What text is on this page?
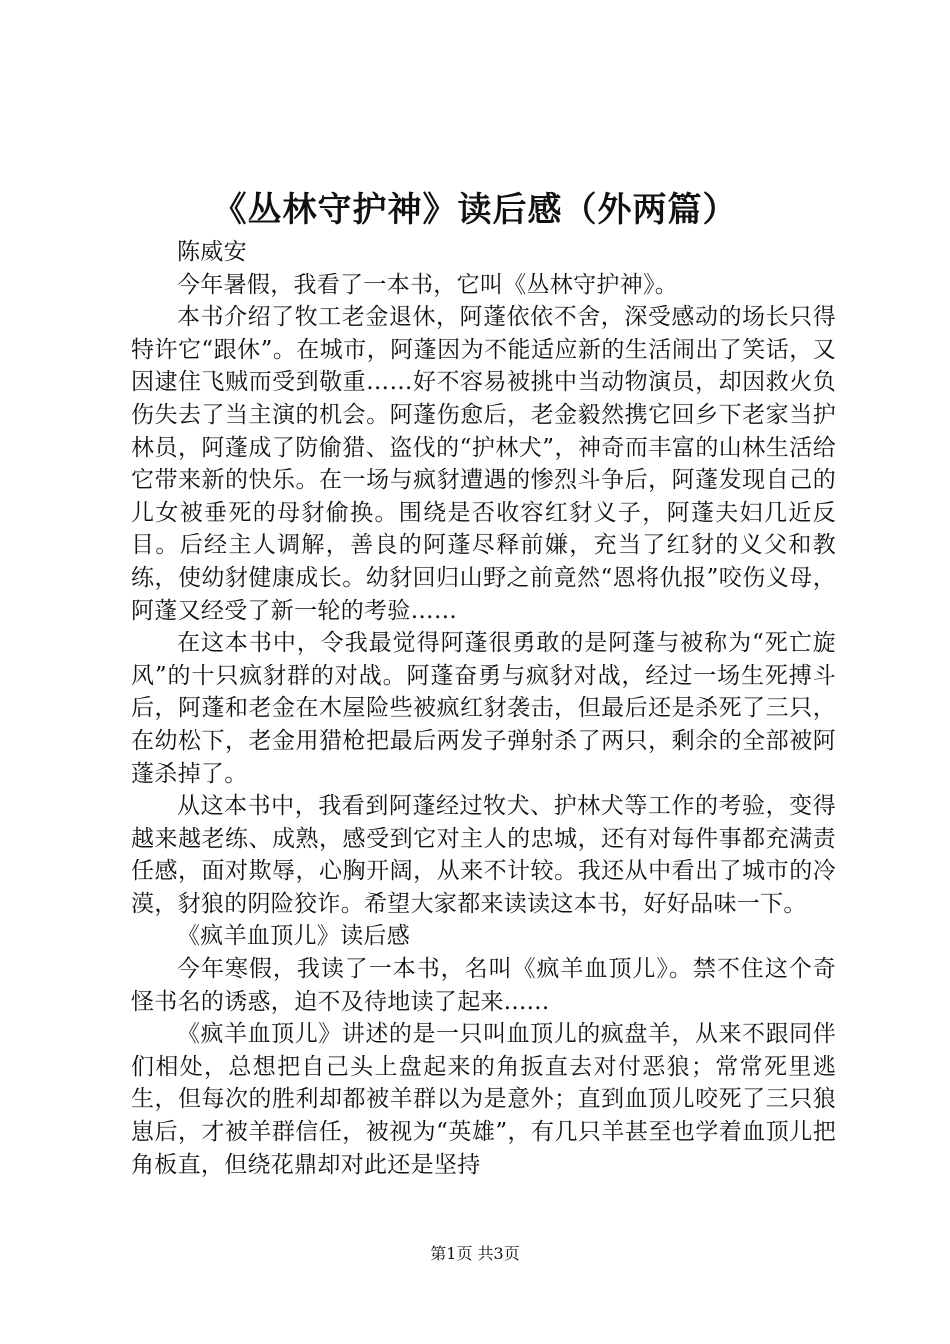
《丛林守护神》读后感（外两篇）

陈威安

今年暑假，我看了一本书，它叫《丛林守护神》。

本书介绍了牧工老金退休，阿蓬依依不舍，深受感动的场长只得特许它“跟休”。在城市，阿蓬因为不能适应新的生活闹出了笑话，又因逮住飞贼而受到敬重……好不容易被挑中当动物演员，却因救火负伤失去了当主演的机会。阿蓬伤愈后，老金毅然携它回乡下老家当护林员，阿蓬成了防偷猎、盗伐的“护林犬”，神奇而丰富的山林生活给它带来新的快乐。在一场与疯豺遭遇的惨烈斗争后，阿蓬发现自己的儿女被垂死的母豺偷换。围绕是否收容红豺义子，阿蓬夫妇几近反目。后经主人调解，善良的阿蓬尽释前嫌，充当了红豺的义父和教练，使幼豺健康成长。幼豺回归山野之前竟然“恩将仇报”咬伤义母，阿蓬又经受了新一轮的考验……

在这本书中，令我最觉得阿蓬很勇敢的是阿蓬与被称为“死亡旋风”的十只疯豺群的对战。阿蓬奋勇与疯豺对战，经过一场生死搏斗后，阿蓬和老金在木屋险些被疯红豺袭击，但最后还是杀死了三只，在幼松下，老金用猎枪把最后两发子弹射杀了两只，剩余的全部被阿蓬杀掉了。

从这本书中，我看到阿蓬经过牧犬、护林犬等工作的考验，变得越来越老练、成熟，感受到它对主人的忠城，还有对每件事都充满责任感，面对欺辱，心胸开阔，从来不计较。我还从中看出了城市的冷漠，豺狼的阴险狡诈。希望大家都来读读这本书，好好品味一下。

《疯羊血顶儿》读后感

今年寒假，我读了一本书，名叫《疯羊血顶儿》。禁不住这个奇怪书名的诱惑，迫不及待地读了起来......

《疯羊血顶儿》讲述的是一只叫血顶儿的疯盘羊，从来不跟同伴们相处，总想把自己头上盘起来的角扳直去对付恶狼；常常死里逃生，但每次的胜利却都被羊群以为是意外；直到血顶儿咬死了三只狼崽后，才被羊群信任，被视为“英雄”，有几只羊甚至也学着血顶儿把角板直，但绕花鼎却对此还是坚持

第1页 共3页
